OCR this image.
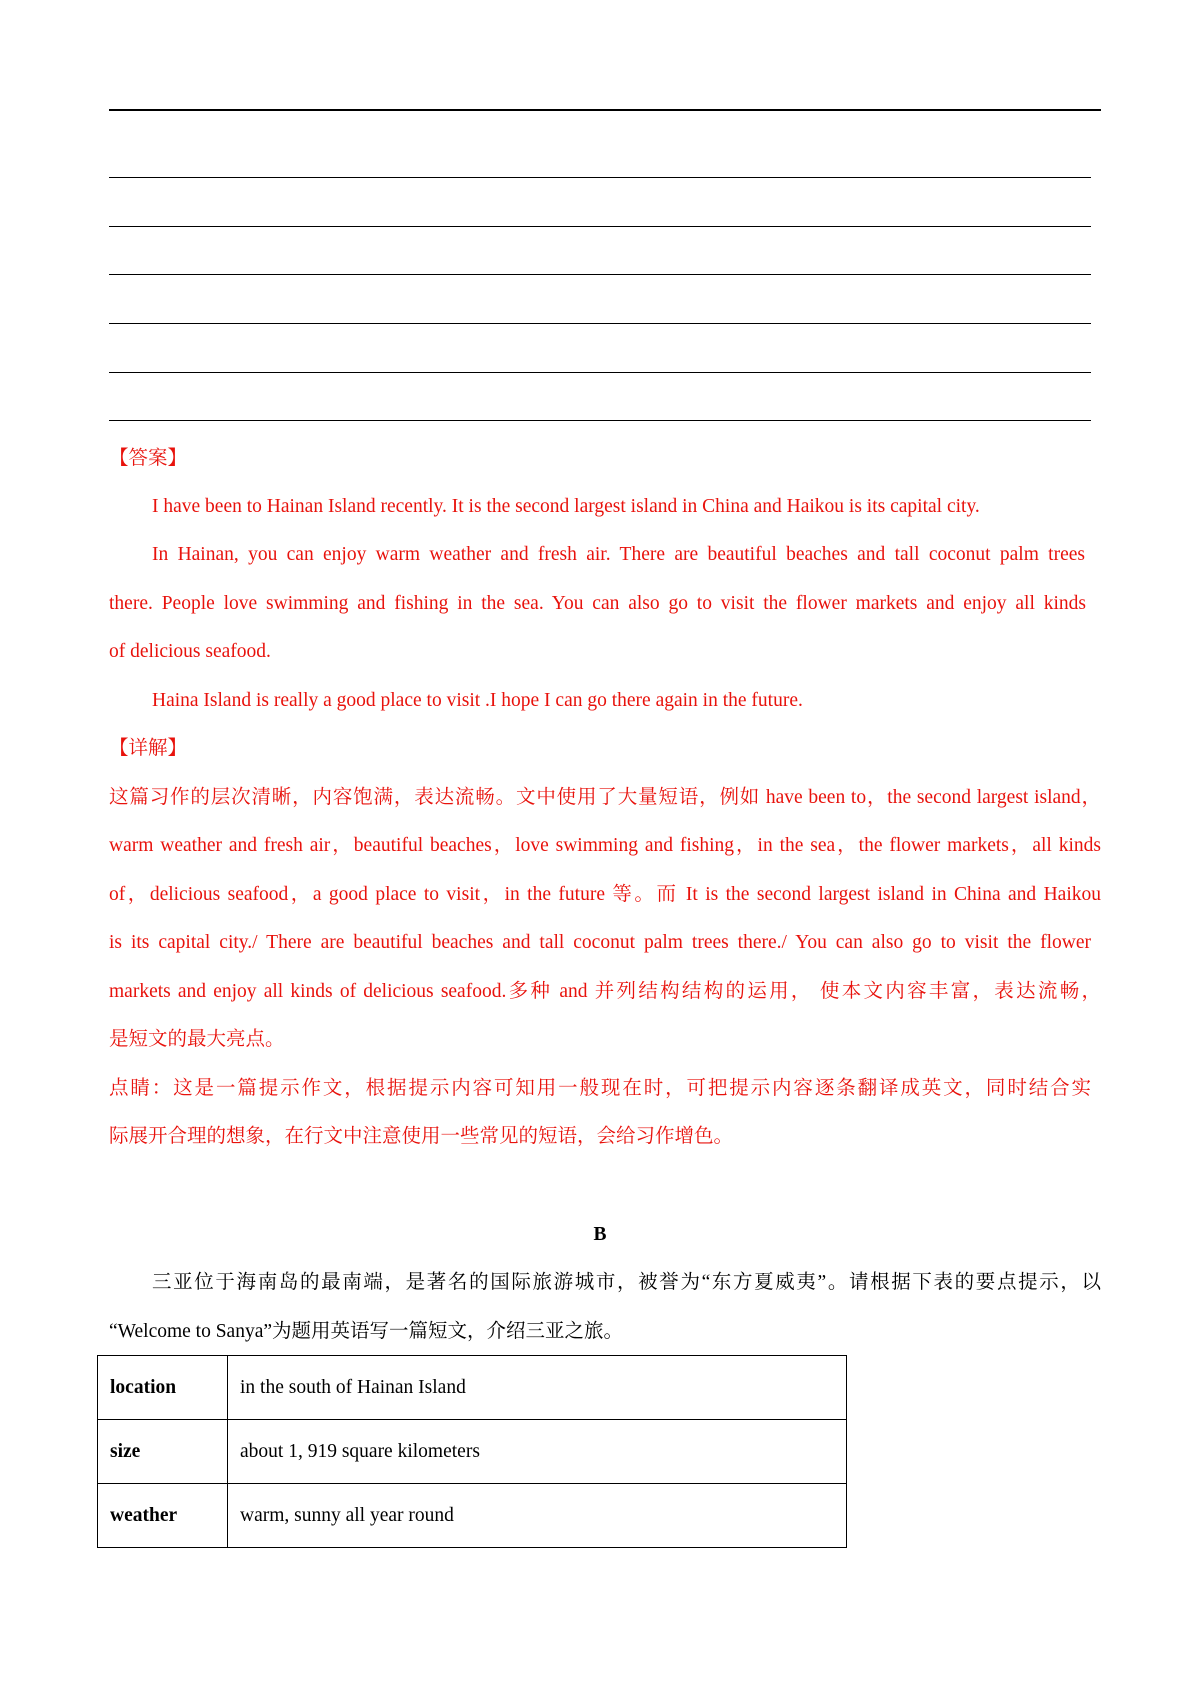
【答案】
I have been to Hainan Island recently. It is the second largest island in China and Haikou is its capital city.
In Hainan, you can enjoy warm weather and fresh air. There are beautiful beaches and tall coconut palm trees
there. People love swimming and fishing in the sea. You can also go to visit the flower markets and enjoy all kinds
of delicious seafood.
Haina Island is really a good place to visit .I hope I can go there again in the future.
【详解】
这篇习作的层次清晰，内容饱满，表达流畅。文中使用了大量短语，例如 have been to，the second largest island，
warm weather and fresh air，beautiful beaches，love swimming and fishing，in the sea，the flower markets，all kinds
of，delicious seafood，a good place to visit，in the future 等。而 It is the second largest island in China and Haikou
is its capital city./ There are beautiful beaches and tall coconut palm trees there./ You can also go to visit the flower
markets and enjoy all kinds of delicious seafood.多种 and 并列结构结构的运用， 使本文内容丰富，表达流畅，
是短文的最大亮点。
点睛：这是一篇提示作文，根据提示内容可知用一般现在时，可把提示内容逐条翻译成英文，同时结合实
际展开合理的想象，在行文中注意使用一些常见的短语，会给习作增色。
B
三亚位于海南岛的最南端，是著名的国际旅游城市，被誉为“东方夏威夷”。请根据下表的要点提示，以
“Welcome to Sanya”为题用英语写一篇短文，介绍三亚之旅。
location	in the south of Hainan Island
size	about 1, 919 square kilometers
weather	warm, sunny all year round
